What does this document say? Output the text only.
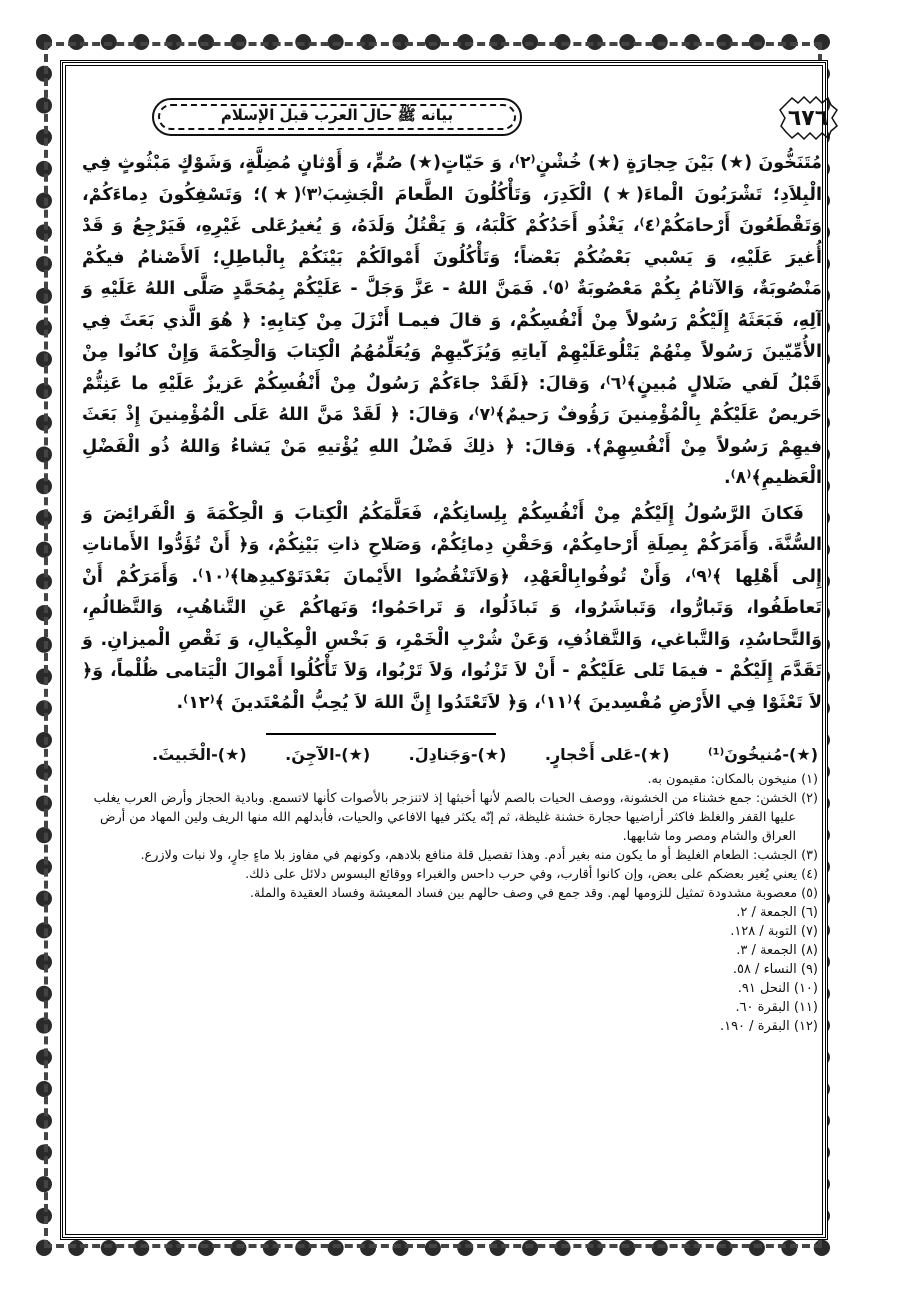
٦٧٦
بيانه ﷺ حال العرب قبل الإسلام

مُتَنَخُّونَ (★) بَيْنَ حِجارَةٍ (★) خُشْنٍ⁽٢⁾، وَ حَيّاتٍ(★) صُمٍّ، وَ أَوْثانٍ مُضِلَّةٍ، وَشَوْكٍ مَبْثُوثٍ فِي الْبِلاَدِ؛ تَشْرَبُونَ الْماءَ(★) الْكَدِرَ، وَتَأْكُلُونَ الطَّعامَ الْجَشِبَ⁽٣⁾(★)؛ وَتَسْفِكُونَ دِماءَكُمْ، وَتَقْطَعُونَ أَرْحامَكُمْ⁽٤⁾، يَغْذُو أَحَدُكُمْ كَلْبَهُ، وَ يَقْتُلُ وَلَدَهُ، وَ يُغيرُعَلى غَيْرِهِ، فَيَرْجِعُ وَ قَدْ أُغيرَ عَلَيْهِ، وَ يَسْبي بَعْضُكُمْ بَعْضاً؛ وَتَأْكُلُونَ أَمْوالَكُمْ بَيْنَكُمْ بِالْباطِلِ؛ اَلأَصْنامُ فيكُمْ مَنْصُوبَةٌ، وَالآثامُ بِكُمْ مَعْصُوبَةٌ ⁽٥⁾. فَمَنَّ اللهُ - عَزَّ وَجَلَّ - عَلَيْكُمْ بِمُحَمَّدٍ صَلَّى اللهُ عَلَيْهِ وَ آلِهِ، فَبَعَثَهُ إِلَيْكُمْ رَسُولاً مِنْ أَنْفُسِكُمْ، وَ قالَ فيمـا أَنْزَلَ مِنْ كِتابِهِ: ﴿ هُوَ الَّذي بَعَثَ فِي الأُمِّيّينَ رَسُولاً مِنْهُمْ يَتْلُوعَلَيْهِمْ آياتِهِ وَيُزَكّيهِمْ وَيُعَلِّمُهُمُ الْكِتابَ وَالْحِكْمَةَ وَإِنْ كانُوا مِنْ قَبْلُ لَفي ضَلالٍ مُبينٍ﴾⁽٦⁾، وَقالَ: ﴿لَقَدْ جاءَكُمْ رَسُولٌ مِنْ أَنْفُسِكُمْ عَزيزٌ عَلَيْهِ ما عَنِتُّمْ حَريصٌ عَلَيْكُمْ بِالْمُؤْمِنينَ رَؤُوفٌ رَحيمٌ﴾⁽٧⁾، وَقالَ: ﴿ لَقَدْ مَنَّ اللهُ عَلَى الْمُؤْمِنينَ إِذْ بَعَثَ فيهِمْ رَسُولاً مِنْ أَنْفُسِهِمْ﴾. وَقالَ: ﴿ ذلِكَ فَضْلُ اللهِ يُؤْتيهِ مَنْ يَشاءُ وَاللهُ ذُو الْفَضْلِ الْعَظيمِ﴾⁽٨⁾.

فَكانَ الرَّسُولُ إِلَيْكُمْ مِنْ أَنْفُسِكُمْ بِلِسانِكُمْ، فَعَلَّمَكُمُ الْكِتابَ وَ الْحِكْمَةَ وَ الْفَرائِضَ وَ السُّنَّةَ. وَأَمَرَكُمْ بِصِلَةِ أَرْحامِكُمْ، وَحَقْنِ دِمائِكُمْ، وَصَلاحِ ذاتِ بَيْنِكُمْ، وَ﴿ أَنْ تُؤَدُّوا الأَماناتِ إِلى أَهْلِها ﴾⁽٩⁾، وَأَنْ تُوفُوابِالْعَهْدِ، ﴿وَلاَتَنْقُضُوا الأَيْمانَ بَعْدَتَوْكيدِها﴾⁽١٠⁾. وَأَمَرَكُمْ أَنْ تَعاطَفُوا، وَتَبارُّوا، وَتَباشَرُوا، وَ تَباذَلُوا، وَ تَراحَمُوا؛ وَنَهاكُمْ عَنِ التَّناهُبِ، وَالتَّظالُمِ، وَالتَّحاسُدِ، وَالتَّباغي، وَالتَّقاذُفِ، وَعَنْ شُرْبِ الْخَمْرِ، وَ بَخْسِ الْمِكْيالِ، وَ نَقْصِ الْميزانِ. وَ تَقَدَّمَ إِلَيْكُمْ - فيمَا تَلى عَلَيْكُمْ - أَنْ لاَ تَزْنُوا، وَلاَ تَرْبُوا، وَلاَ تَأْكُلُوا أَمْوالَ الْيَتامى ظُلْماً، وَ﴿ لاَ تَعْثَوْا فِي الأَرْضِ مُفْسِدينَ ﴾⁽١١⁾، وَ﴿ لاَتَعْتَدُوا إِنَّ اللهَ لاَ يُحِبُّ الْمُعْتَدينَ ﴾⁽١٢⁾.

(★)-مُنيخُونَ⁽¹⁾
(★)-عَلى أَحْجارٍ.
(★)-وَجَنادِلَ.
(★)-الآجِنَ.
(★)-الْخَبيثَ.

(١) منيخون بالمكان: مقيمون به.

(٢) الخشن: جمع خشناء من الخشونة، ووصف الحيات بالصم لأنها أخبثها إذ لاتنزجر بالأصوات كأنها لاتسمع. وبادية الحجاز وأرض العرب يغلب عليها القفر والغلظ فاكثر أراضيها حجارة خشنة غليظة، ثم إنّه يكثر فيها الافاعي والحيات، فأبدلهم الله منها الريف ولين المهاد من أرض العراق والشام ومصر وما شابهها.

(٣) الجشب: الطعام الغليظ أو ما يكون منه بغير أدم. وهذا تفصيل قلة منافع بلادهم، وكونهم في مفاوز بلا ماءٍ جارٍ، ولا نبات ولازرع.

(٤) يعني يُغير بعضكم على بعض، وإن كانوا أقارب، وفي حرب داحس والغبراء ووقائع البسوس دلائل على ذلك.

(٥) معصوبة مشدودة تمثيل للزومها لهم. وقد جمع في وصف حالهم بين فساد المعيشة وفساد العقيدة والملة.

(٦) الجمعة / ٢.

(٧) التوبة / ١٢٨.

(٨) الجمعة / ٣.

(٩) النساء / ٥٨.

(١٠) النحل ٩١.

(١١) البقرة ٦٠.

(١٢) البقرة / ١٩٠.
